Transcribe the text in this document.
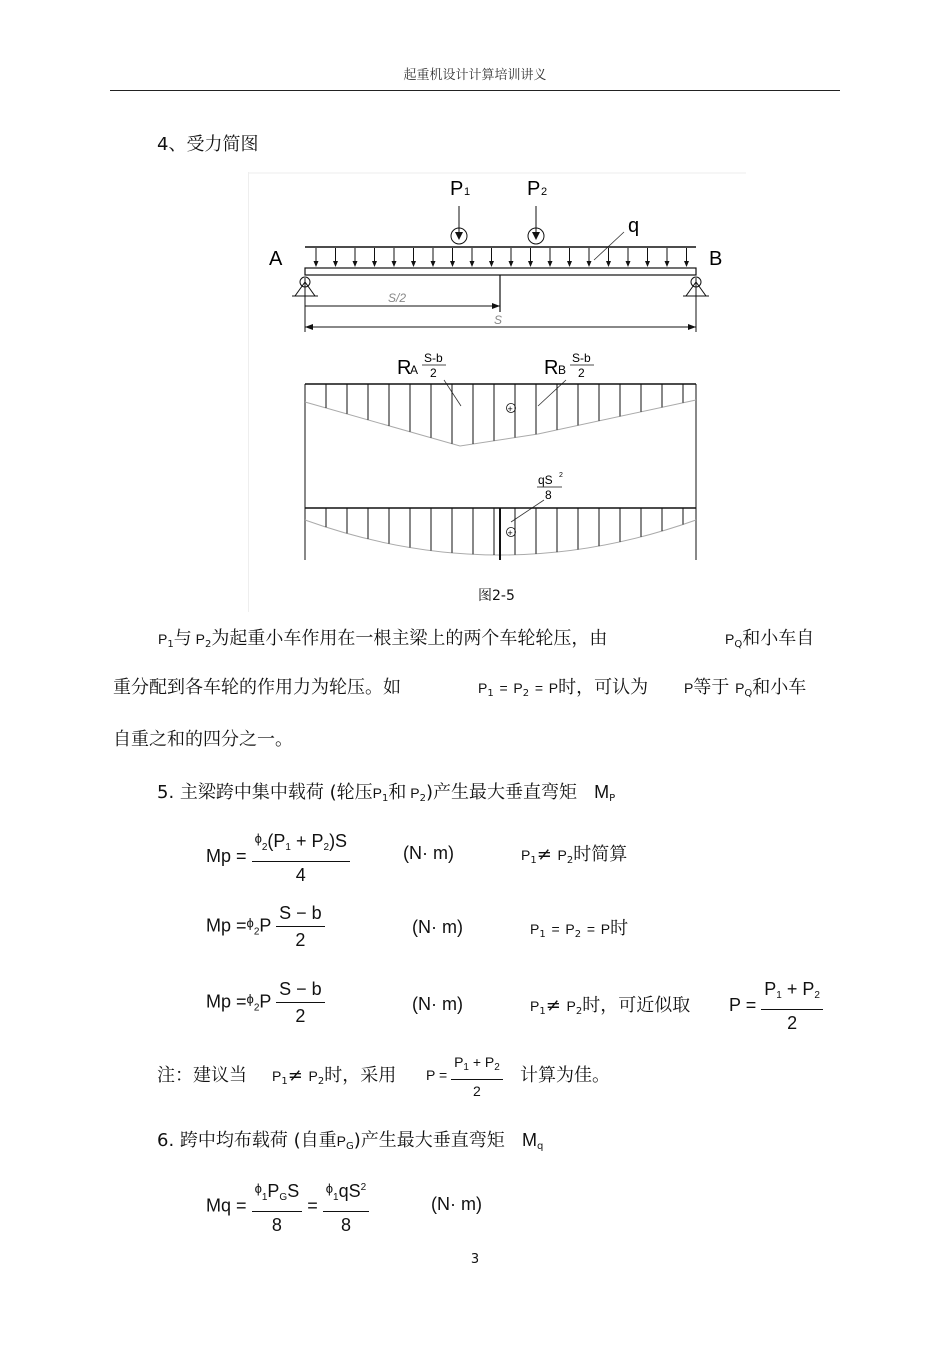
起重机设计计算培训讲义
4、受力简图
P 1	P 2
q
A	B
S/2
S
R
A
S-b
2	R B
S-b
2
+
qS 2
8
+
图2-5
$P_1$与 $P_2$为起重小车作用在一根主梁上的两个车轮轮压，由	$P_Q$和小车自
重分配到各车轮的作用力为轮压。如	$P_1 = P_2 = P$时，可认为	P等于 $P_Q$和小车
自重之和的四分之一。
5. 主梁跨中集中载荷 (轮压$P_1$和 $P_2$)产生最大垂直弯矩 $M_P$
$Mp = \frac{^\phi_2(P_1 + P_2)S}{4}$	(N· m)	$P_1\ne P_2$时简算
$Mp =^\phi_2P \frac{S - b}{2}$	(N· m)	$P_1 = P_2 = P$时
$Mp =^\phi_2P \frac{S - b}{2}$	(N· m)	$P_1\ne P_2$时，可近似取 $P = \frac{P_1 + P_2}{2}$
注：建议当 $P_1\ne P_2$时，采用 $P = \frac{P_1 + P_2}{2}$ 计算为佳。
6. 跨中均布载荷 (自重$P_G$)产生最大垂直弯矩 $M_q$
$Mq = \frac{^\phi_1P_GS}{8} = \frac{^\phi_1qS^2}{8}$	(N· m)
3
